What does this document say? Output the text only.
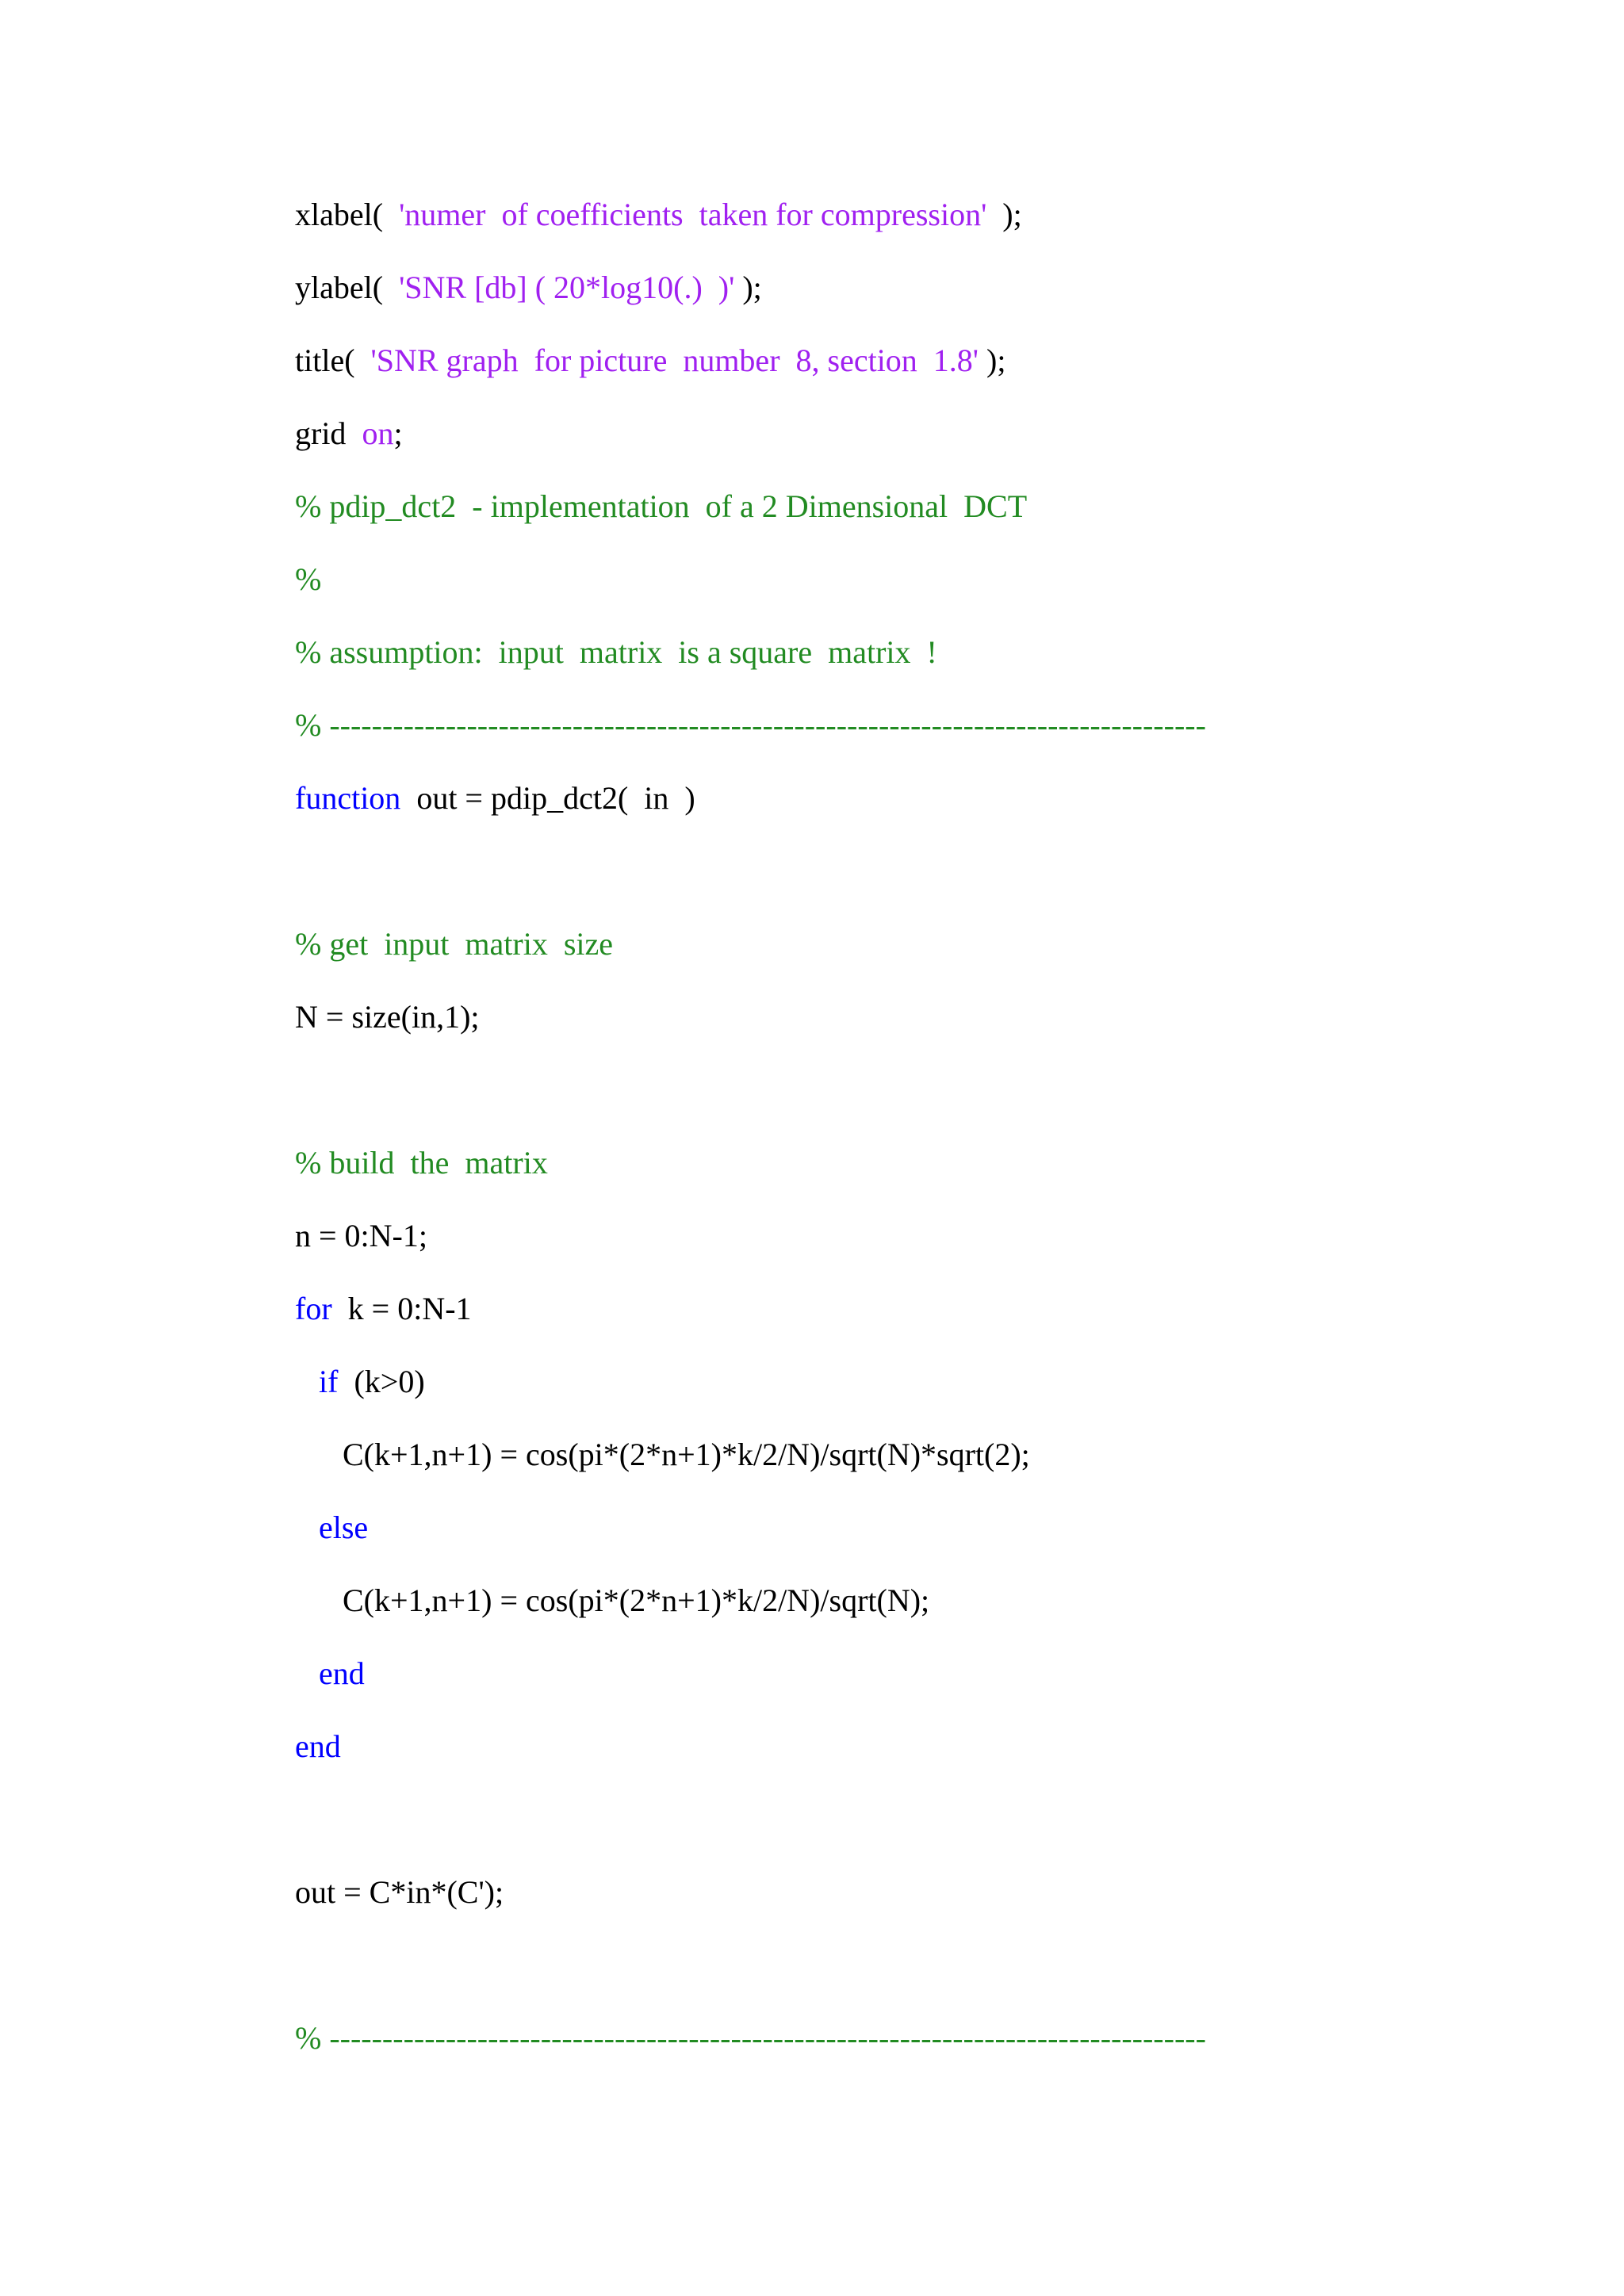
xlabel(  'numer  of coefficients  taken for compression'  );
ylabel(  'SNR [db] ( 20*log10(.)  )' );
title(  'SNR graph  for picture  number  8, section  1.8' );
grid  on;
% pdip_dct2  - implementation  of a 2 Dimensional  DCT
%
% assumption:  input  matrix  is a square  matrix  !
% -----------------------------------------------------------------------------------
function  out = pdip_dct2(  in  )
% get  input  matrix  size
N = size(in,1);
% build  the  matrix
n = 0:N-1;
for  k = 0:N-1
if  (k>0)
C(k+1,n+1) = cos(pi*(2*n+1)*k/2/N)/sqrt(N)*sqrt(2);
else
C(k+1,n+1) = cos(pi*(2*n+1)*k/2/N)/sqrt(N);
end
end
out = C*in*(C');
% -----------------------------------------------------------------------------------
